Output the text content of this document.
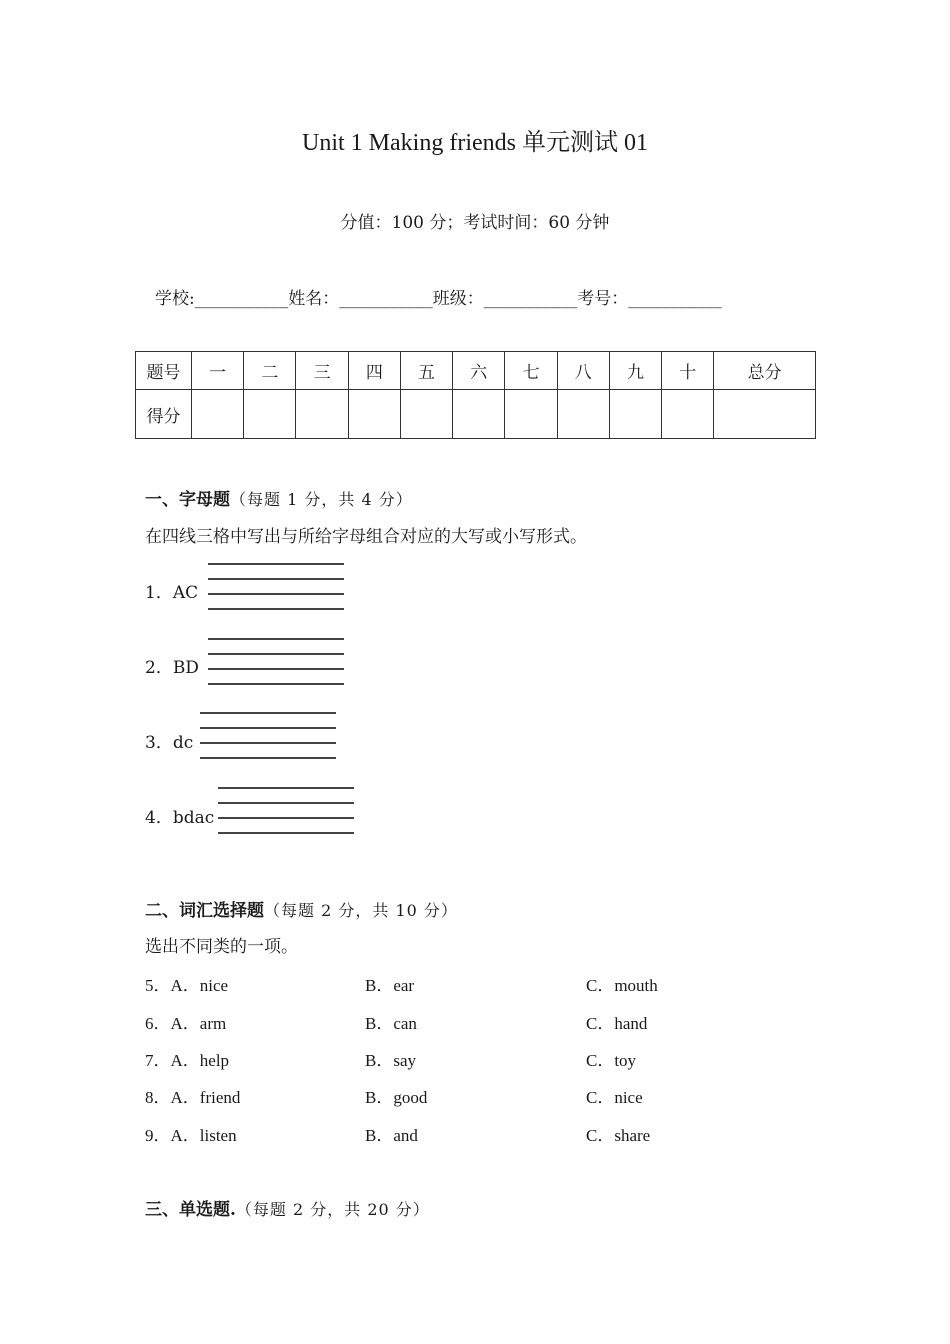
Unit 1 Making friends 单元测试 01
分值：100 分；考试时间：60 分钟
学校:___________姓名：___________班级：___________考号：___________
题号	一	二	三	四	五	六	七	八	九	十	总分
得分											
一、字母题（每题 1 分，共 4 分）
在四线三格中写出与所给字母组合对应的大写或小写形式。
1．AC
2．BD
3．dc
4．bdac
二、词汇选择题（每题 2 分，共 10 分）
选出不同类的一项。
5．A．nice	B．ear	C．mouth
6．A．arm	B．can	C．hand
7．A．help	B．say	C．toy
8．A．friend	B．good	C．nice
9．A．listen	B．and	C．share
三、单选题.（每题 2 分，共 20 分）
